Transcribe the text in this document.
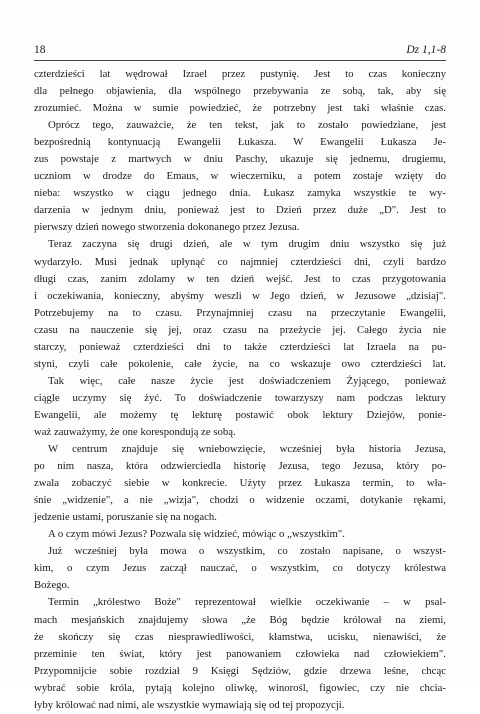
18	Dz 1,1-8
czterdzieści lat wędrował Izrael przez pustynię. Jest to czas konieczny
dla pełnego objawienia, dla wspólnego przebywania ze sobą, tak, aby się
zrozumieć. Można w sumie powiedzieć, że potrzebny jest taki właśnie czas.
Oprócz tego, zauważcie, że ten tekst, jak to zostało powiedziane, jest
bezpośrednią kontynuacją Ewangelii Łukasza. W Ewangelii Łukasza Je-
zus powstaje z martwych w dniu Paschy, ukazuje się jednemu, drugiemu,
uczniom w drodze do Emaus, w wieczerniku, a potem zostaje wzięty do
nieba: wszystko w ciągu jednego dnia. Łukasz zamyka wszystkie te wy-
darzenia w jednym dniu, ponieważ jest to Dzień przez duże „D". Jest to
pierwszy dzień nowego stworzenia dokonanego przez Jezusa.
Teraz zaczyna się drugi dzień, ale w tym drugim dniu wszystko się już
wydarzyło. Musi jednak upłynąć co najmniej czterdzieści dni, czyli bardzo
długi czas, zanim zdolamy w ten dzień wejść. Jest to czas przygotowania
i oczekiwania, konieczny, abyśmy weszli w Jego dzień, w Jezusowe „dzisiaj".
Potrzebujemy na to czasu. Przynajmniej czasu na przeczytanie Ewangelii,
czasu na nauczenie się jej, oraz czasu na przeżycie jej. Całego życia nie
starczy, ponieważ czterdzieści dni to także czterdzieści lat Izraela na pu-
styni, czyli całe pokolenie, całe życie, na co wskazuje owo czterdzieści lat.
Tak więc, całe nasze życie jest doświadczeniem Żyjącego, ponieważ
ciągle uczymy się żyć. To doświadczenie towarzyszy nam podczas lektury
Ewangelii, ale możemy tę lekturę postawić obok lektury Dziejów, ponie-
waż zauważymy, że one korespondują ze sobą.
W centrum znajduje się wniebowzięcie, wcześniej była historia Jezusa,
po nim nasza, która odzwierciedla historię Jezusa, tego Jezusa, który po-
zwala zobaczyć siebie w konkrecie. Użyty przez Łukasza termin, to wła-
śnie „widzenie", a nie „wizja", chodzi o widzenie oczami, dotykanie rękami,
jedzenie ustami, poruszanie się na nogach.
A o czym mówi Jezus? Pozwala się widzieć, mówiąc o „wszystkim".
Już wcześniej była mowa o wszystkim, co zostało napisane, o wszyst-
kim, o czym Jezus zaczął nauczać, o wszystkim, co dotyczy królestwa
Bożego.
Termin „królestwo Boże" reprezentował wielkie oczekiwanie – w psal-
mach mesjańskich znajdujemy słowa „że Bóg będzie królował na ziemi,
że skończy się czas niesprawiedliwości, kłamstwa, ucisku, nienawiści, że
przeminie ten świat, który jest panowaniem człowieka nad człowiekiem".
Przypomnijcie sobie rozdział 9 Księgi Sędziów, gdzie drzewa leśne, chcąc
wybrać sobie króla, pytają kolejno oliwkę, winorośl, figowiec, czy nie chcia-
łyby królować nad nimi, ale wszystkie wymawiają się od tej propozycji.
